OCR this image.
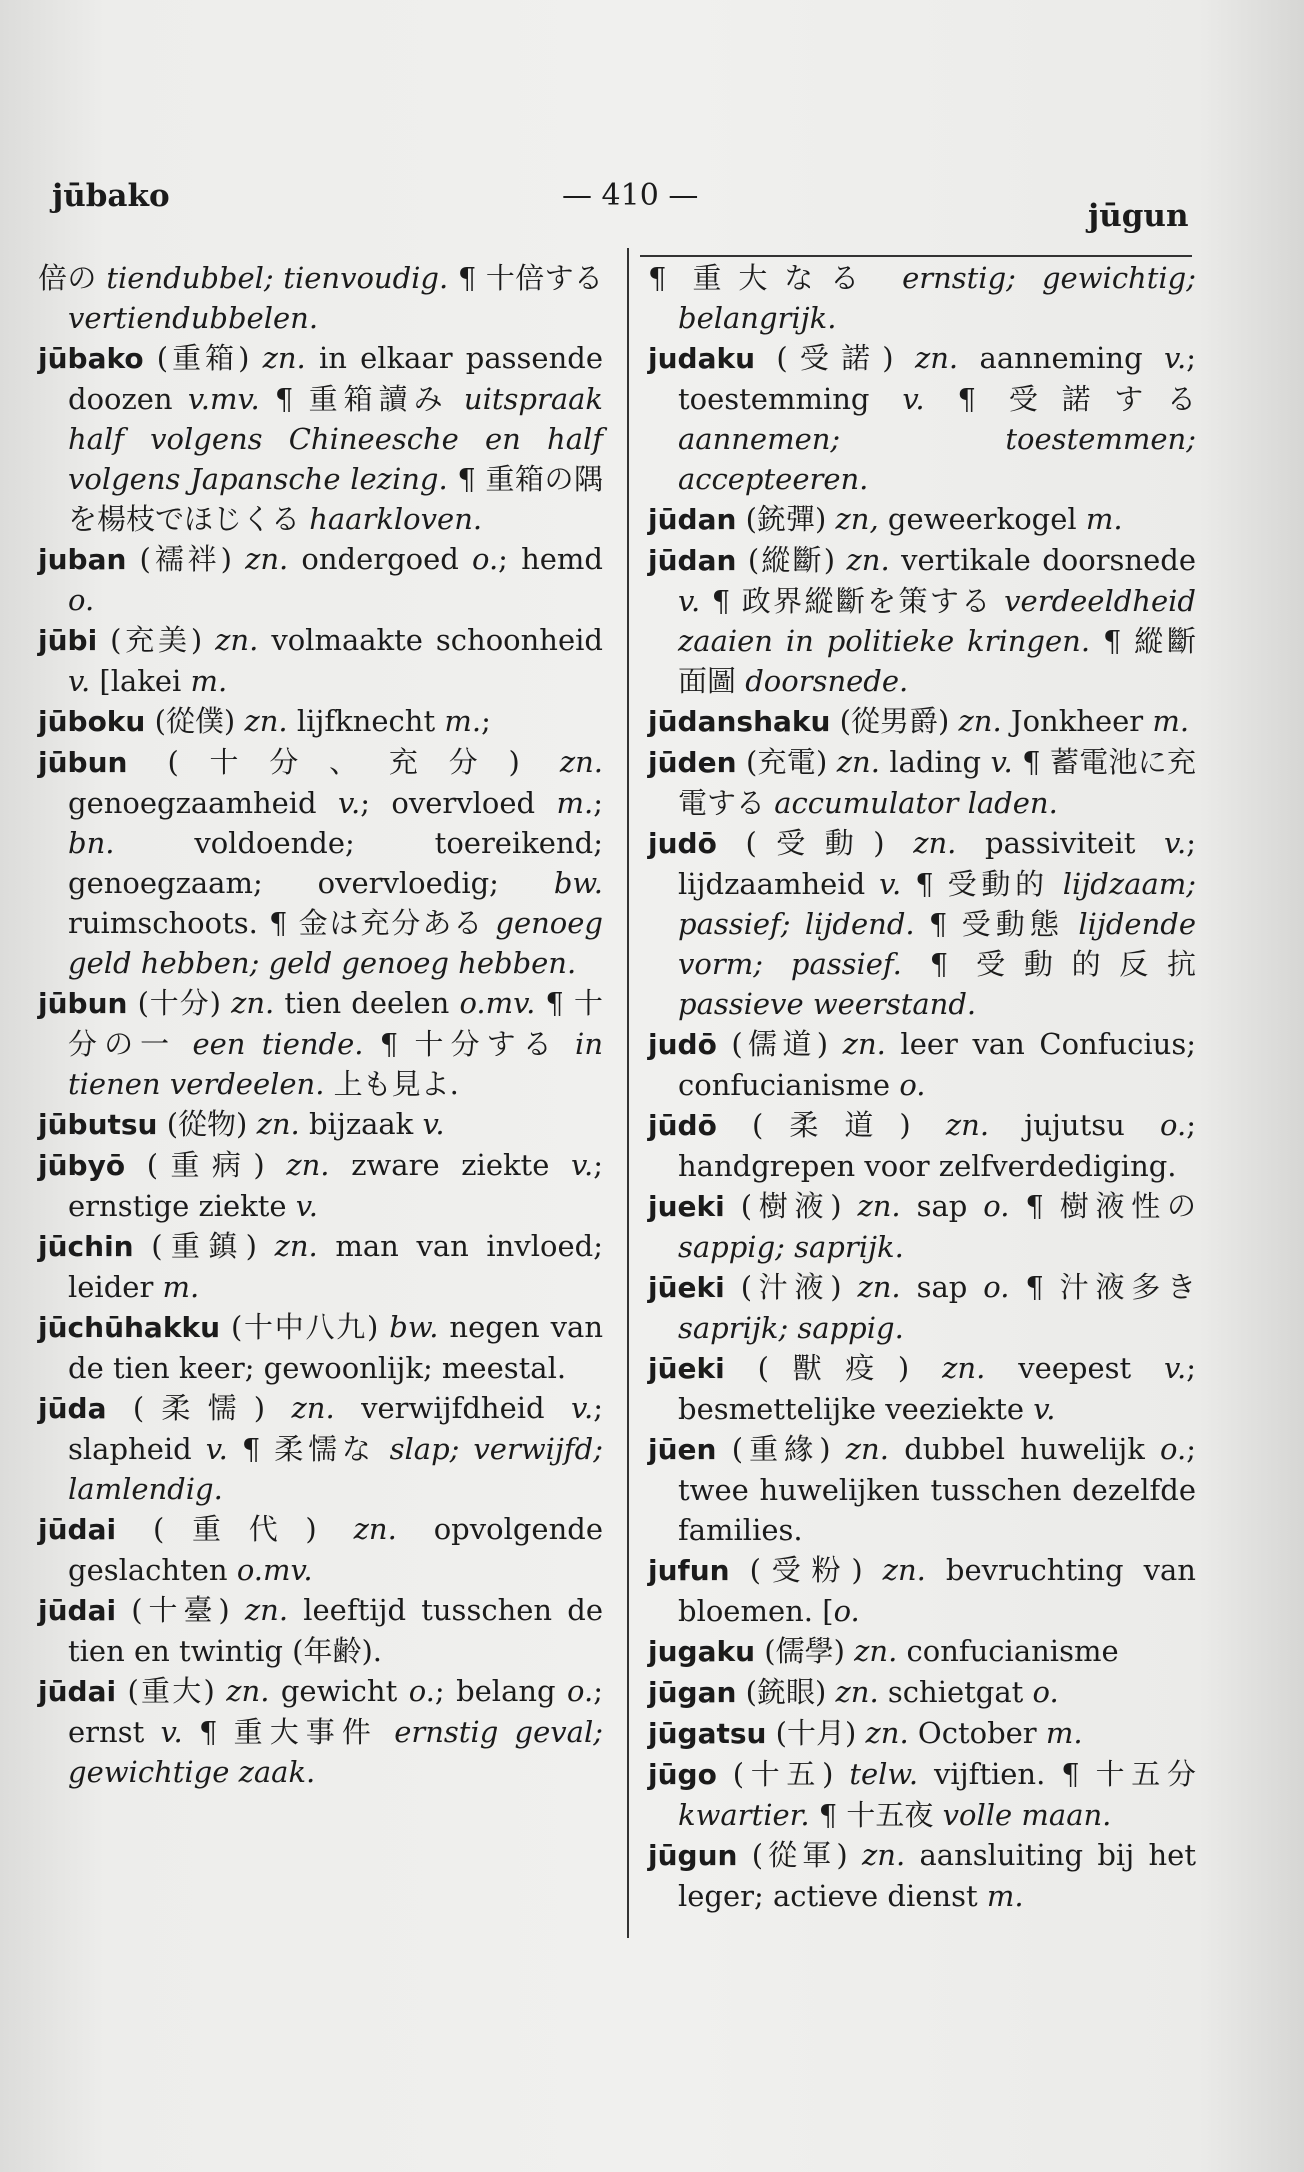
jūbako	— 410 —
jūgun

倍の tiendubbel; tienvoudig. ¶ 十倍する vertiendubbelen.

jūbako (重箱) zn. in elkaar passende doozen v.mv. ¶ 重箱讀み uitspraak half volgens Chineesche en half volgens Japansche lezing. ¶ 重箱の隅を楊枝でほじくる haarkloven.

juban (襦袢) zn. ondergoed o.; hemd o.

jūbi (充美) zn. volmaakte schoonheid v. [lakei m.

jūboku (從僕) zn. lijfknecht m.;

jūbun (十分、充分) zn. genoegzaamheid v.; overvloed m.; bn. voldoende; toereikend; genoegzaam; overvloedig; bw. ruimschoots. ¶ 金は充分ある genoeg geld hebben; geld genoeg hebben.

jūbun (十分) zn. tien deelen o.mv. ¶ 十分の一 een tiende. ¶ 十分する in tienen verdeelen. 上も見よ.

jūbutsu (從物) zn. bijzaak v.

jūbyō (重病) zn. zware ziekte v.; ernstige ziekte v.

jūchin (重鎮) zn. man van invloed; leider m.

jūchūhakku (十中八九) bw. negen van de tien keer; gewoonlijk; meestal.

jūda (柔懦) zn. verwijfdheid v.; slapheid v. ¶ 柔懦な slap; verwijfd; lamlendig.

jūdai (重代) zn. opvolgende geslachten o.mv.

jūdai (十臺) zn. leeftijd tusschen de tien en twintig (年齢).

jūdai (重大) zn. gewicht o.; belang o.; ernst v. ¶ 重大事件 ernstig geval; gewichtige zaak.

¶ 重大なる ernstig; gewichtig; belangrijk.

judaku (受諾) zn. aanneming v.; toestemming v. ¶ 受諾する aannemen; toestemmen; accepteeren.

jūdan (銃彈) zn, geweerkogel m.

jūdan (縱斷) zn. vertikale doorsnede v. ¶ 政界縱斷を策する verdeeldheid zaaien in politieke kringen. ¶ 縱斷面圖 doorsnede.

jūdanshaku (從男爵) zn. Jonkheer m.

jūden (充電) zn. lading v. ¶ 蓄電池に充電する accumulator laden.

judō (受動) zn. passiviteit v.; lijdzaamheid v. ¶ 受動的 lijdzaam; passief; lijdend. ¶ 受動態 lijdende vorm; passief. ¶ 受動的反抗 passieve weerstand.

judō (儒道) zn. leer van Confucius; confucianisme o.

jūdō (柔道) zn. jujutsu o.; handgrepen voor zelfverdediging.

jueki (樹液) zn. sap o. ¶ 樹液性の sappig; saprijk.

jūeki (汁液) zn. sap o. ¶ 汁液多き saprijk; sappig.

jūeki (獸疫) zn. veepest v.; besmettelijke veeziekte v.

jūen (重緣) zn. dubbel huwelijk o.; twee huwelijken tusschen dezelfde families.

jufun (受粉) zn. bevruchting van bloemen. [o.

jugaku (儒學) zn. confucianisme

jūgan (銃眼) zn. schietgat o.

jūgatsu (十月) zn. October m.

jūgo (十五) telw. vijftien. ¶ 十五分 kwartier. ¶ 十五夜 volle maan.

jūgun (從軍) zn. aansluiting bij het leger; actieve dienst m.
